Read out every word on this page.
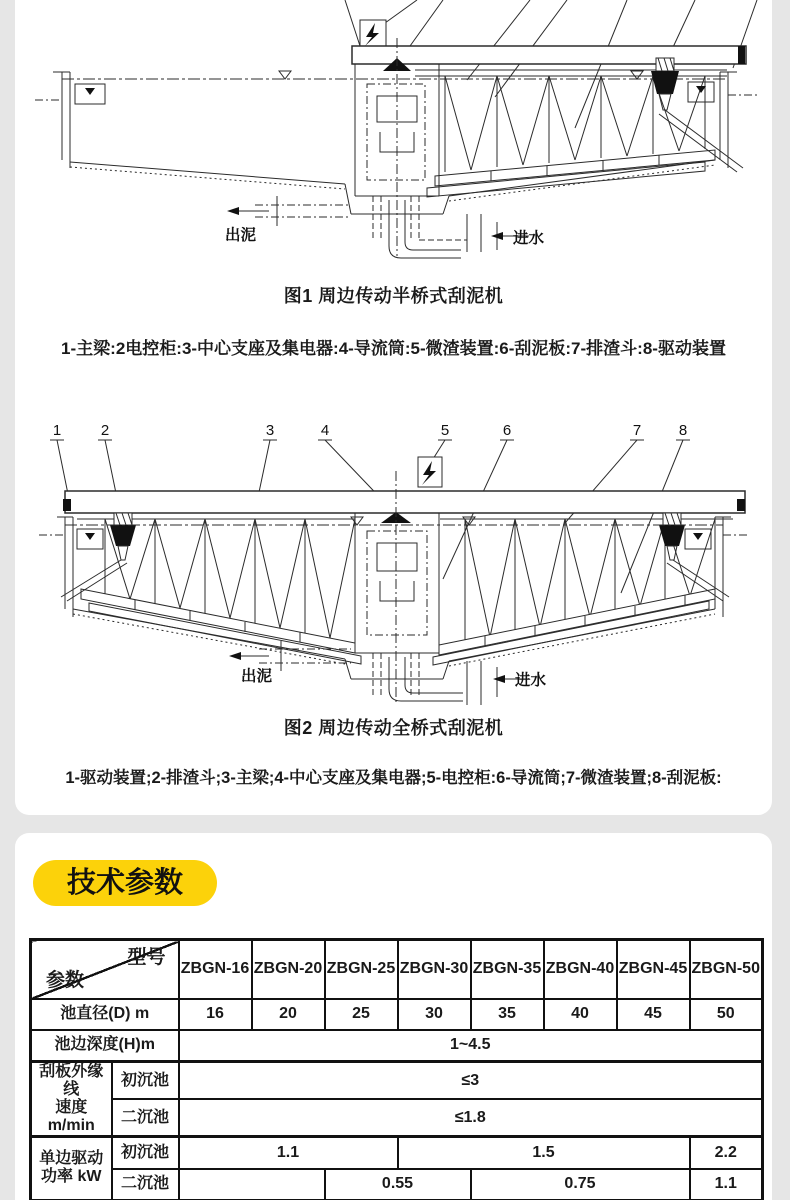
出泥	进水
图1 周边传动半桥式刮泥机
1-主梁:2电控柜:3-中心支座及集电器:4-导流筒:5-微渣装置:6-刮泥板:7-排渣斗:8-驱动装置
1	2	3	4	5	6	7	8
出泥	进水
图2 周边传动全桥式刮泥机
1-驱动装置;2-排渣斗;3-主梁;4-中心支座及集电器;5-电控柜:6-导流筒;7-微渣装置;8-刮泥板:
技术参数
型号
参数		ZBGN-16	ZBGN-20	ZBGN-25	ZBGN-30	ZBGN-35	ZBGN-40	ZBGN-45	ZBGN-50
池直径(D) m		16	20	25	30	35	40	45	50
池边深度(H)m		1~4.5							

刮板外缘线
速度 m/min	初沉池	≤3							
	二沉池	≤1.8							

单边驱动
功率 kW	初沉池	1.1			1.5				2.2
	二沉池			0.55		0.75			1.1
